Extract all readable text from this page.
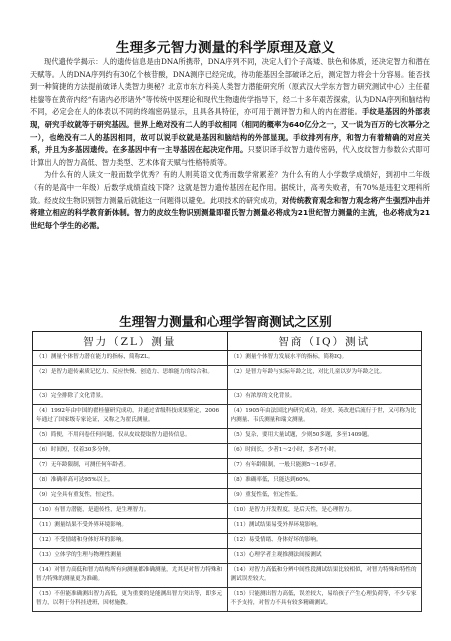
生理多元智力测量的科学原理及意义

现代遗传学揭示：人的遗传信息是由DNA所携带，DNA序列不同，决定人们个子高矮、肤色和体质，还决定智力和潜在天赋等。人的DNA序列约有30亿个核苷酸，DNA测序已经完成，待功能基因全部破译之后，测定智力将会十分容易。能否找到一种简捷的方法提前破译人类智力奥秘？北京市东方科美人类智力潜能研究所（原武汉大学东方智力研究测试中心）主任翟桂鋆等在黄帝内经“有诸内必形诸外”等传统中医理论和现代生物遗传学指导下，经二十多年艰苦探索，认为DNA序列和脑结构不同，必定会在人的体表以不同的终端密码显示，且具各具特征，亦可用于测评智力和人的内在潜能。手纹是基因的外部表现，研究手纹就等于研究基因。世界上绝对没有二人的手纹相同（相同的概率为640亿分之一，又一说为百万的七次幂分之一），也绝没有二人的基因相同，故可以说手纹就是基因和脑结构的外部显现。手纹排列有序，和智力有着精确的对应关系，并且为多基因遗传。在多基因中有一主导基因在起决定作用。只要识译手纹智力遗传密码，代入皮纹智力参数公式即可计算出人的智力高低、智力类型、艺术体育天赋与性格特质等。

为什么有的人读文一般而数学优秀？有的人则英语文优秀而数学常累差？为什么有的人小学数学成绩好，到初中二年级（有的是高中一年级）后数学成绩直线下降？这就是智力遗传基因在起作用。据统计，高考失败者，有70%是违犯文理科所致。经皮纹生物识别智力测量后就能这一问题得以避免。此项技术的研究成功，对传统教育观念和智力观念将产生强烈冲击并将建立相应的科学教育新体制。智力的皮纹生物识别测量即翟氏智力测量必将成为21世纪智力测量的主流，也必将成为21世纪每个学生的必需。

生理智力测量和心理学智商测试之区别
智力（ZL）测量	智商（IQ）测试
（1）测量个体智力潜在能力的指标，简称ZL。	（1）测量个体智力发展水平的指标，简称IQ。
（2）是智力遗传素质记忆力、反应快慢、创造力、思维能力的综合和。	（2）是智力年龄与实际年龄之比，对比儿童以岁为年龄之比。
（3）完全排除了文化背景。	（3）有浓厚的文化背景。
（4）1992年由中国的翟桂鋆研究成功，并通过省级科技成果鉴定，2006年通过了国家级专家论证，又称之为翟氏测量。	（4）1905年由法国比内研究成功，经美、英改进后流行于世，又可称为比内测量、韦氏测量和瑞文测量。
（5）简便，不用问卷任何问题，仅从皮纹提取智力遗传信息。	（5）复杂，要用大量试题，少则50多题，多至1409题。
（6）时间短，仅着30多分钟。	（6）时间长，少者1～2小时，多者7小时。
（7）无年龄限制，可测任何年龄者。	（7）有年龄限制，一般只能测5～16岁者。
（8）准确率高可达95%以上。	（8）准确率低，只能达到60%。
（9）完全具有重复性，恒定性。	（9）重复性低，恒定性低。
（10）有智力潜能，是遗传性，是生理智力。	（10）是智力开发程度，是后天性，是心理智力。
（11）测量结果不受外界环境影响。	（11）测试结果易受外界环境影响。
（12）不受情绪和身体好坏的影响。	（12）易受情绪、身体好坏的影响。
（13）立体学的生理与物理性测量	（13）心理学者主观推测法间接测试
（14）对智力高低和智力结构所有向测量都准确测量，尤其是对智力特殊和智力特殊的测量更为准确。	（14）对智力高低和分辨中间性段测试结果比较相似，对智力特殊和特性的测试误差较大。
（15）不但能准确测出智力高低，更为重要的是能测出智力突出等，即多元智力，以利于分科挂进班，因材施教。	（15）只能测出智力高低，误差较大，易给孩子产生心理负荷等，不少专家不予支持，对智力不具有较多精确测试。
